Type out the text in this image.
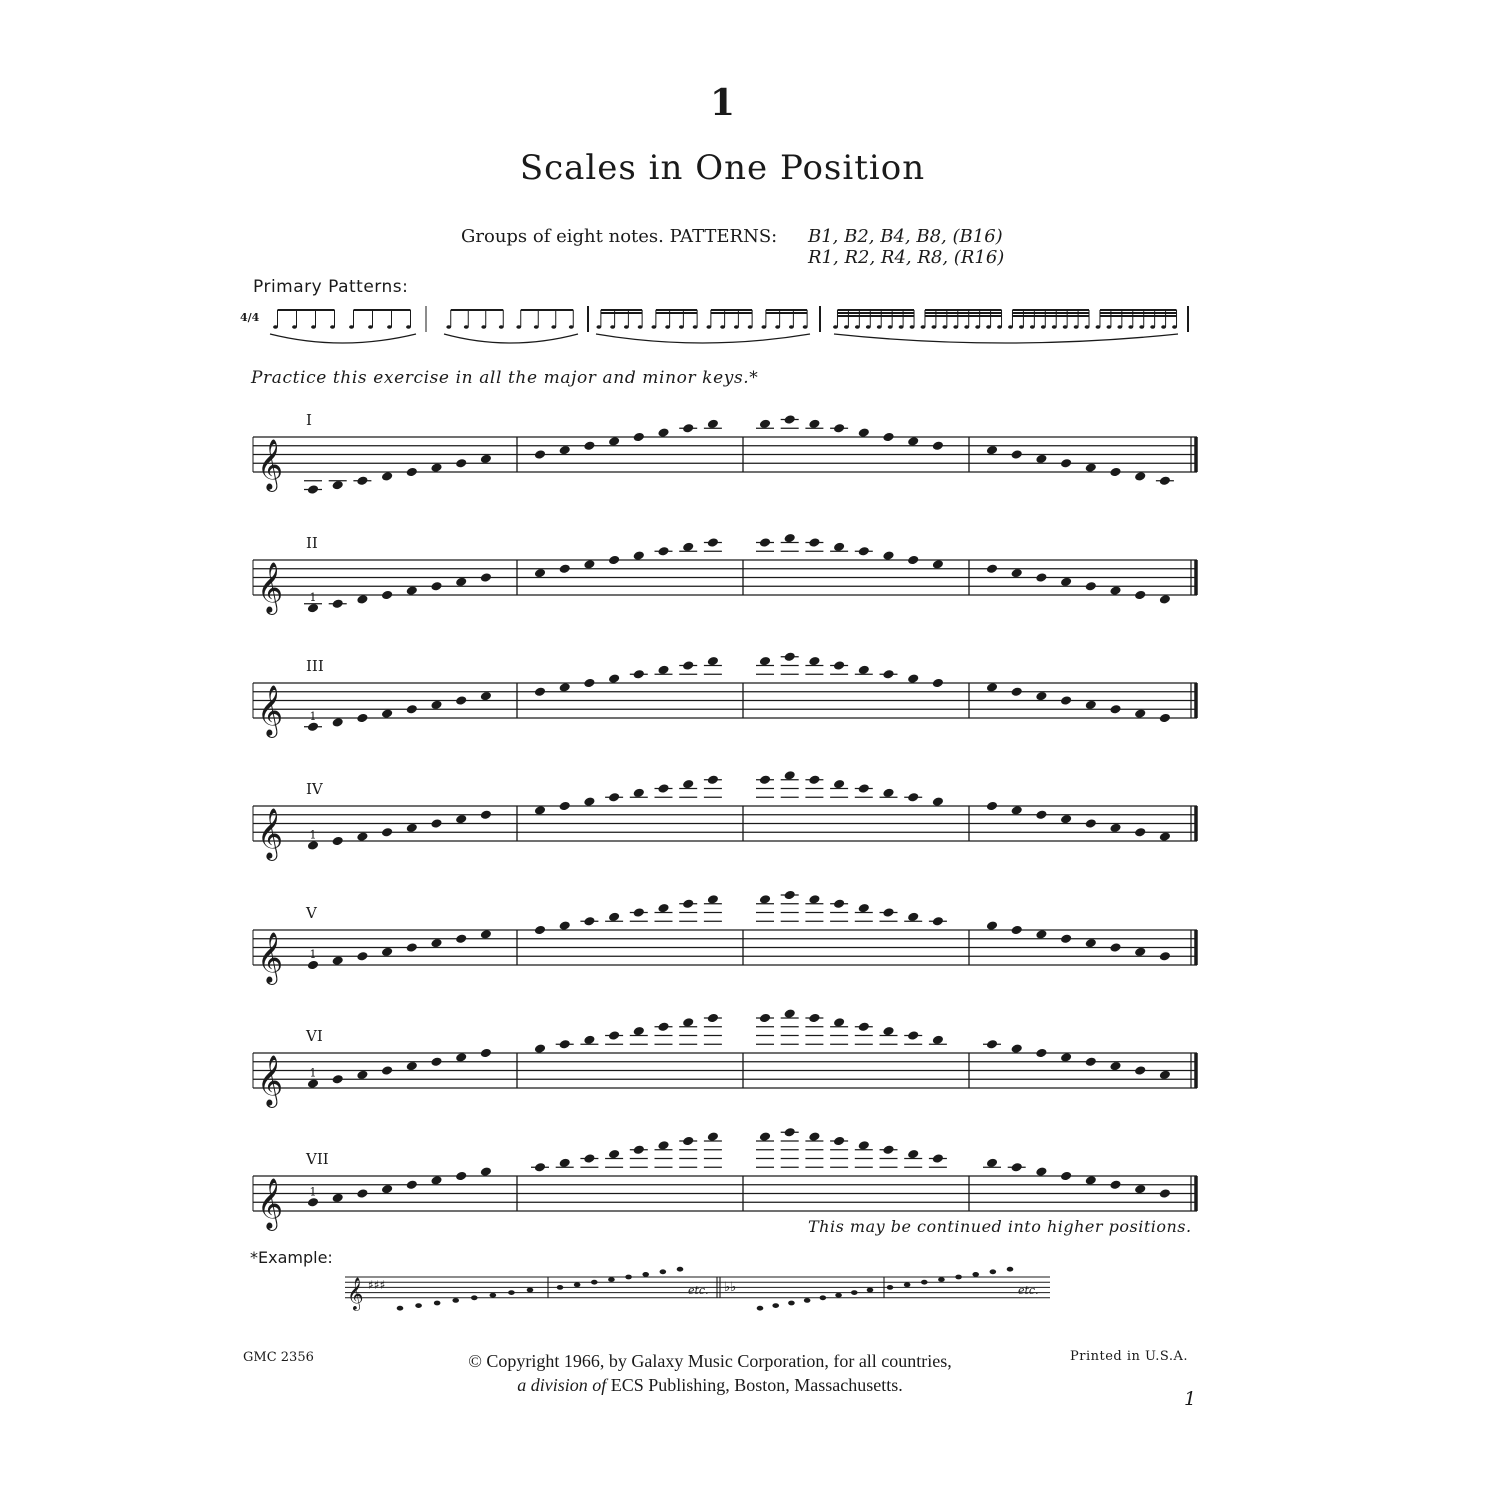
1
Scales in One Position
Groups of eight notes. PATTERNS: B1, B2, B4, B8, (B16)
R1, R2, R4, R8, (R16)
Primary Patterns:
4/4
Practice this exercise in all the major and minor keys.*
This may be continued into higher positions.
*Example:
GMC 2356	© Copyright 1966, by Galaxy Music Corporation, for all countries,
a division of ECS Publishing, Boston, Massachusetts.
Printed in U.S.A.
1
𝄞
I
𝄞
II
1
𝄞
III
1
𝄞
IV
1
𝄞
V
1
𝄞
VI
1
𝄞
VII
1
𝄞 ♯♯♯	♭♭
etc.	etc.
